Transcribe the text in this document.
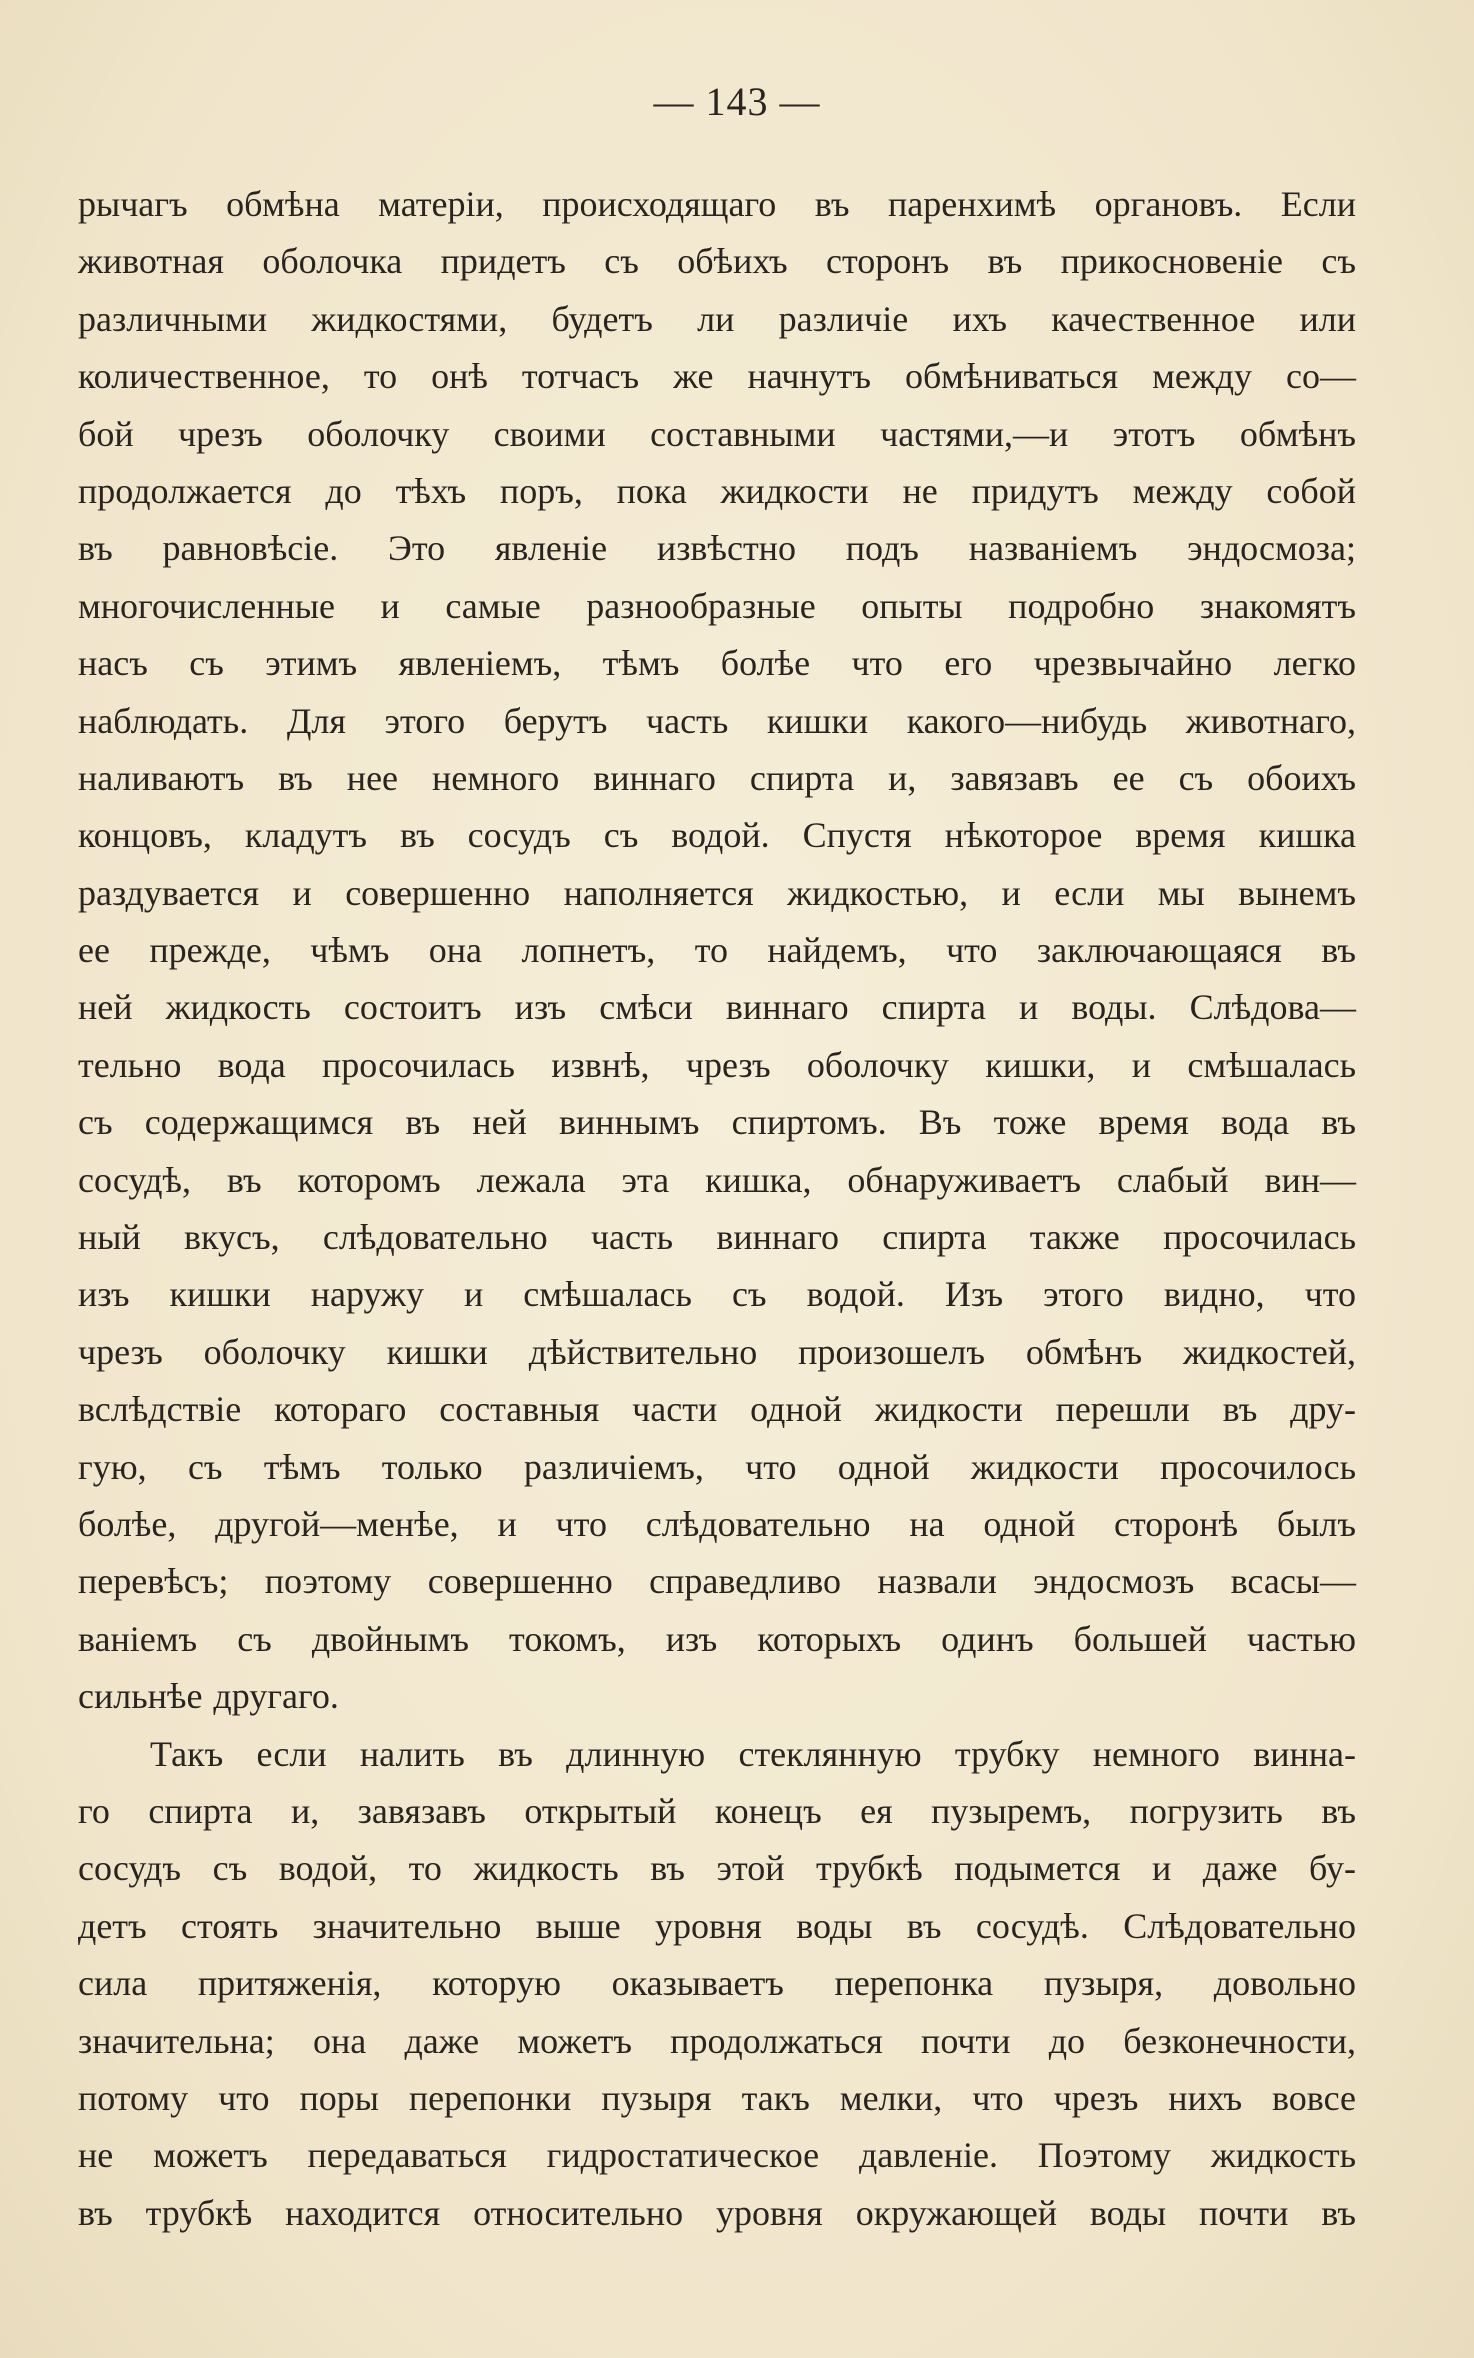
— 143 —
рычагъ обмѣна матеріи, происходящаго въ паренхимѣ органовъ. Если
животная оболочка придетъ съ обѣихъ сторонъ въ прикосновеніе съ
различными жидкостями, будетъ ли различіе ихъ качественное или
количественное, то онѣ тотчасъ же начнутъ обмѣниваться между со—
бой чрезъ оболочку своими составными частями,—и этотъ обмѣнъ
продолжается до тѣхъ поръ, пока жидкости не придутъ между собой
въ равновѣсіе. Это явленіе извѣстно подъ названіемъ эндосмоза;
многочисленные и самые разнообразные опыты подробно знакомятъ
насъ съ этимъ явленіемъ, тѣмъ болѣе что его чрезвычайно легко
наблюдать. Для этого берутъ часть кишки какого—нибудь животнаго,
наливаютъ въ нее немного виннаго спирта и, завязавъ ее съ обоихъ
концовъ, кладутъ въ сосудъ съ водой. Спустя нѣкоторое время кишка
раздувается и совершенно наполняется жидкостью, и если мы вынемъ
ее прежде, чѣмъ она лопнетъ, то найдемъ, что заключающаяся въ
ней жидкость состоитъ изъ смѣси виннаго спирта и воды. Слѣдова—
тельно вода просочилась извнѣ, чрезъ оболочку кишки, и смѣшалась
съ содержащимся въ ней виннымъ спиртомъ. Въ тоже время вода въ
сосудѣ, въ которомъ лежала эта кишка, обнаруживаетъ слабый вин—
ный вкусъ, слѣдовательно часть виннаго спирта также просочилась
изъ кишки наружу и смѣшалась съ водой. Изъ этого видно, что
чрезъ оболочку кишки дѣйствительно произошелъ обмѣнъ жидкостей,
вслѣдствіе котораго составныя части одной жидкости перешли въ дру-
гую, съ тѣмъ только различіемъ, что одной жидкости просочилось
болѣе, другой—менѣе, и что слѣдовательно на одной сторонѣ былъ
перевѣсъ; поэтому совершенно справедливо назвали эндосмозъ всасы—
ваніемъ съ двойнымъ токомъ, изъ которыхъ одинъ большей частью
сильнѣе другаго.
Такъ если налить въ длинную стеклянную трубку немного винна-
го спирта и, завязавъ открытый конецъ ея пузыремъ, погрузить въ
сосудъ съ водой, то жидкость въ этой трубкѣ подымется и даже бу-
детъ стоять значительно выше уровня воды въ сосудѣ. Слѣдовательно
сила притяженія, которую оказываетъ перепонка пузыря, довольно
значительна; она даже можетъ продолжаться почти до безконечности,
потому что поры перепонки пузыря такъ мелки, что чрезъ нихъ вовсе
не можетъ передаваться гидростатическое давленіе. Поэтому жидкость
въ трубкѣ находится относительно уровня окружающей воды почти въ
